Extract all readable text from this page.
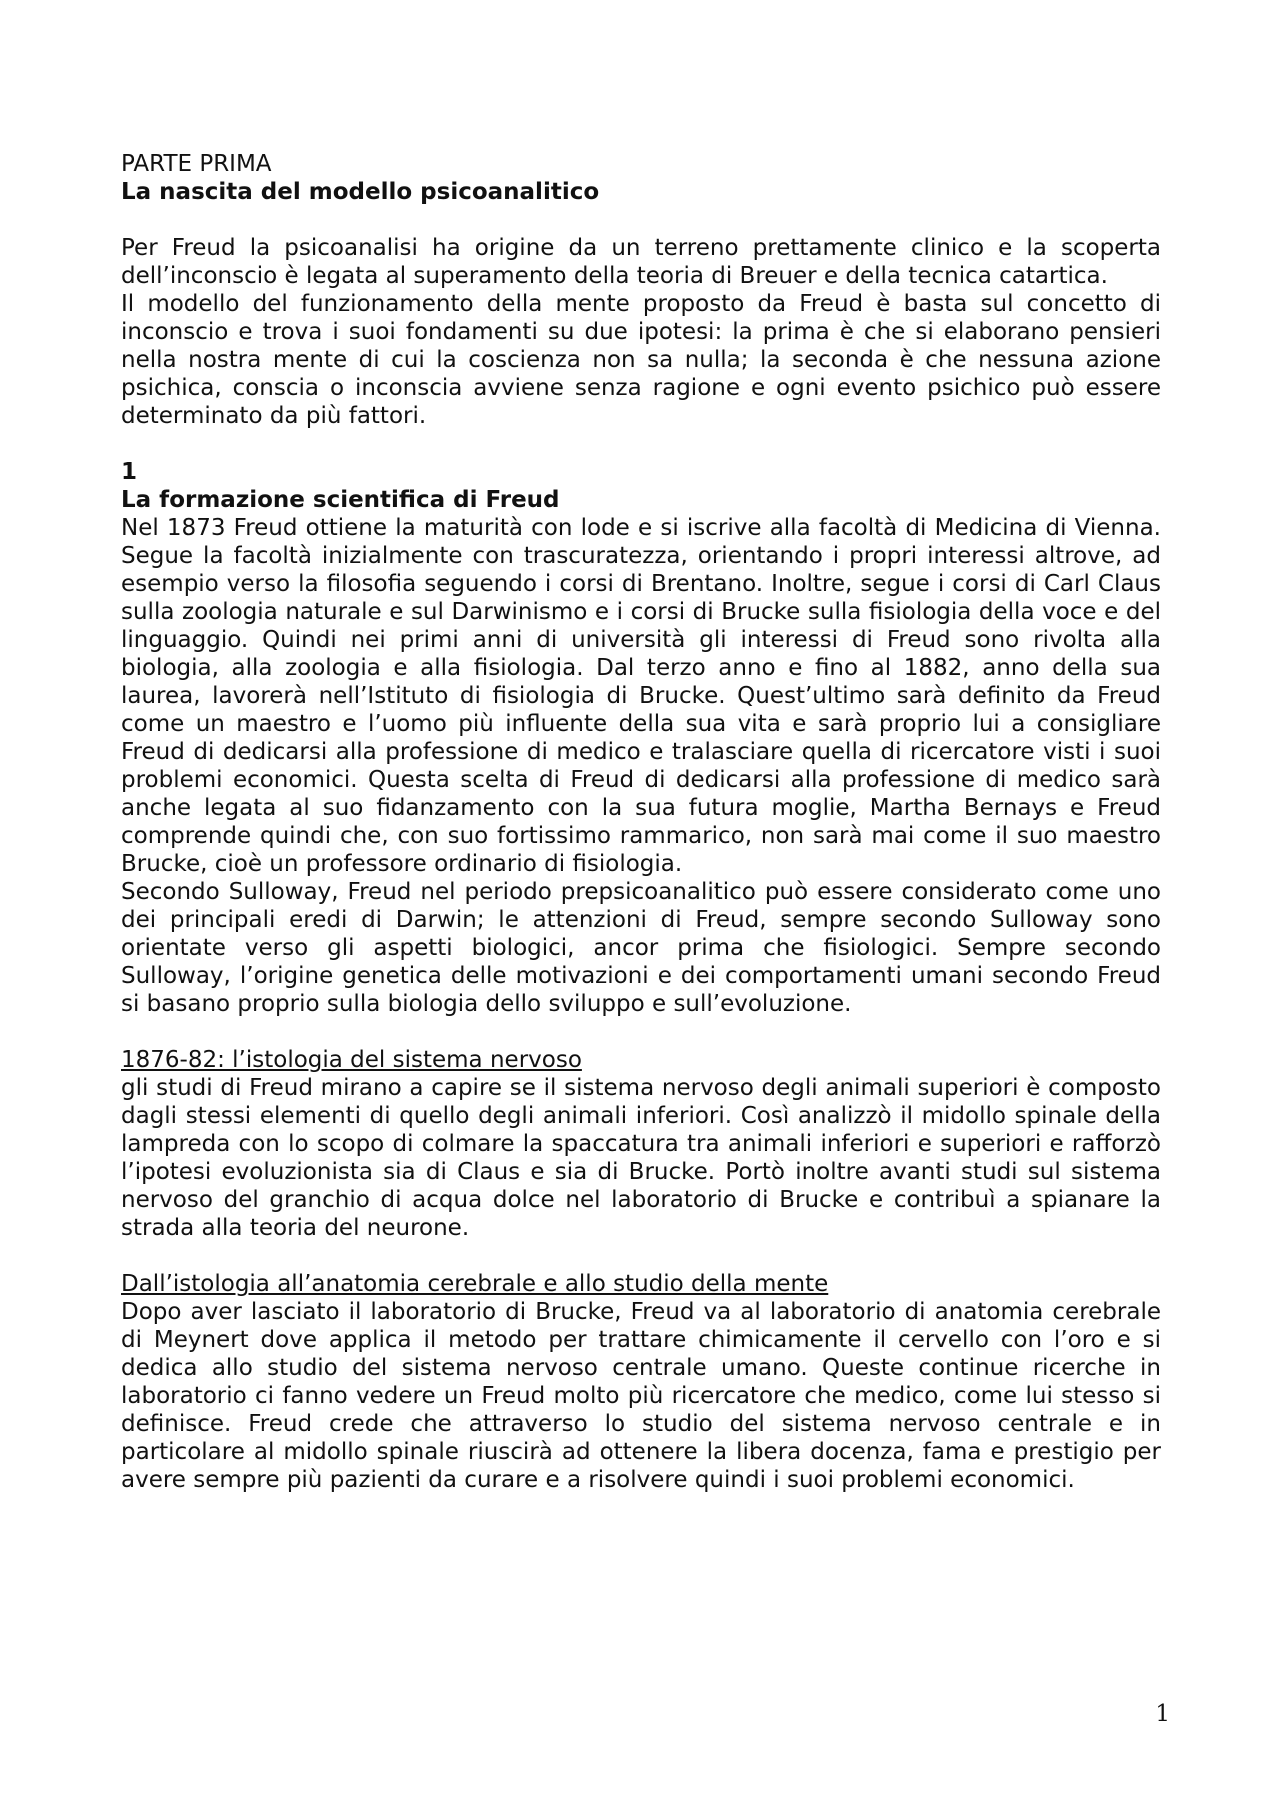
PARTE PRIMA

La nascita del modello psicoanalitico

Per Freud la psicoanalisi ha origine da un terreno prettamente clinico e la scoperta dell’inconscio è legata al superamento della teoria di Breuer e della tecnica catartica.

Il modello del funzionamento della mente proposto da Freud è basta sul concetto di inconscio e trova i suoi fondamenti su due ipotesi: la prima è che si elaborano pensieri nella nostra mente di cui la coscienza non sa nulla; la seconda è che nessuna azione psichica, conscia o inconscia avviene senza ragione e ogni evento psichico può essere determinato da più fattori.

1

La formazione scientifica di Freud

Nel 1873 Freud ottiene la maturità con lode e si iscrive alla facoltà di Medicina di Vienna. Segue la facoltà inizialmente con trascuratezza, orientando i propri interessi altrove, ad esempio verso la filosofia seguendo i corsi di Brentano. Inoltre, segue i corsi di Carl Claus sulla zoologia naturale e sul Darwinismo e i corsi di Brucke sulla fisiologia della voce e del linguaggio. Quindi nei primi anni di università gli interessi di Freud sono rivolta alla biologia, alla zoologia e alla fisiologia. Dal terzo anno e fino al 1882, anno della sua laurea, lavorerà nell’Istituto di fisiologia di Brucke. Quest’ultimo sarà definito da Freud come un maestro e l’uomo più influente della sua vita e sarà proprio lui a consigliare Freud di dedicarsi alla professione di medico e tralasciare quella di ricercatore visti i suoi problemi economici. Questa scelta di Freud di dedicarsi alla professione di medico sarà anche legata al suo fidanzamento con la sua futura moglie, Martha Bernays e Freud comprende quindi che, con suo fortissimo rammarico, non sarà mai come il suo maestro Brucke, cioè un professore ordinario di fisiologia.

Secondo Sulloway, Freud nel periodo prepsicoanalitico può essere considerato come uno dei principali eredi di Darwin; le attenzioni di Freud, sempre secondo Sulloway sono orientate verso gli aspetti biologici, ancor prima che fisiologici. Sempre secondo Sulloway, l’origine genetica delle motivazioni e dei comportamenti umani secondo Freud si basano proprio sulla biologia dello sviluppo e sull’evoluzione.

1876-82: l’istologia del sistema nervoso

gli studi di Freud mirano a capire se il sistema nervoso degli animali superiori è composto dagli stessi elementi di quello degli animali inferiori. Così analizzò il midollo spinale della lampreda con lo scopo di colmare la spaccatura tra animali inferiori e superiori e rafforzò l’ipotesi evoluzionista sia di Claus e sia di Brucke. Portò inoltre avanti studi sul sistema nervoso del granchio di acqua dolce nel laboratorio di Brucke e contribuì a spianare la strada alla teoria del neurone.

Dall’istologia all’anatomia cerebrale e allo studio della mente

Dopo aver lasciato il laboratorio di Brucke, Freud va al laboratorio di anatomia cerebrale di Meynert dove applica il metodo per trattare chimicamente il cervello con l’oro e si dedica allo studio del sistema nervoso centrale umano. Queste continue ricerche in laboratorio ci fanno vedere un Freud molto più ricercatore che medico, come lui stesso si definisce. Freud crede che attraverso lo studio del sistema nervoso centrale e in particolare al midollo spinale riuscirà ad ottenere la libera docenza, fama e prestigio per avere sempre più pazienti da curare e a risolvere quindi i suoi problemi economici.

1
